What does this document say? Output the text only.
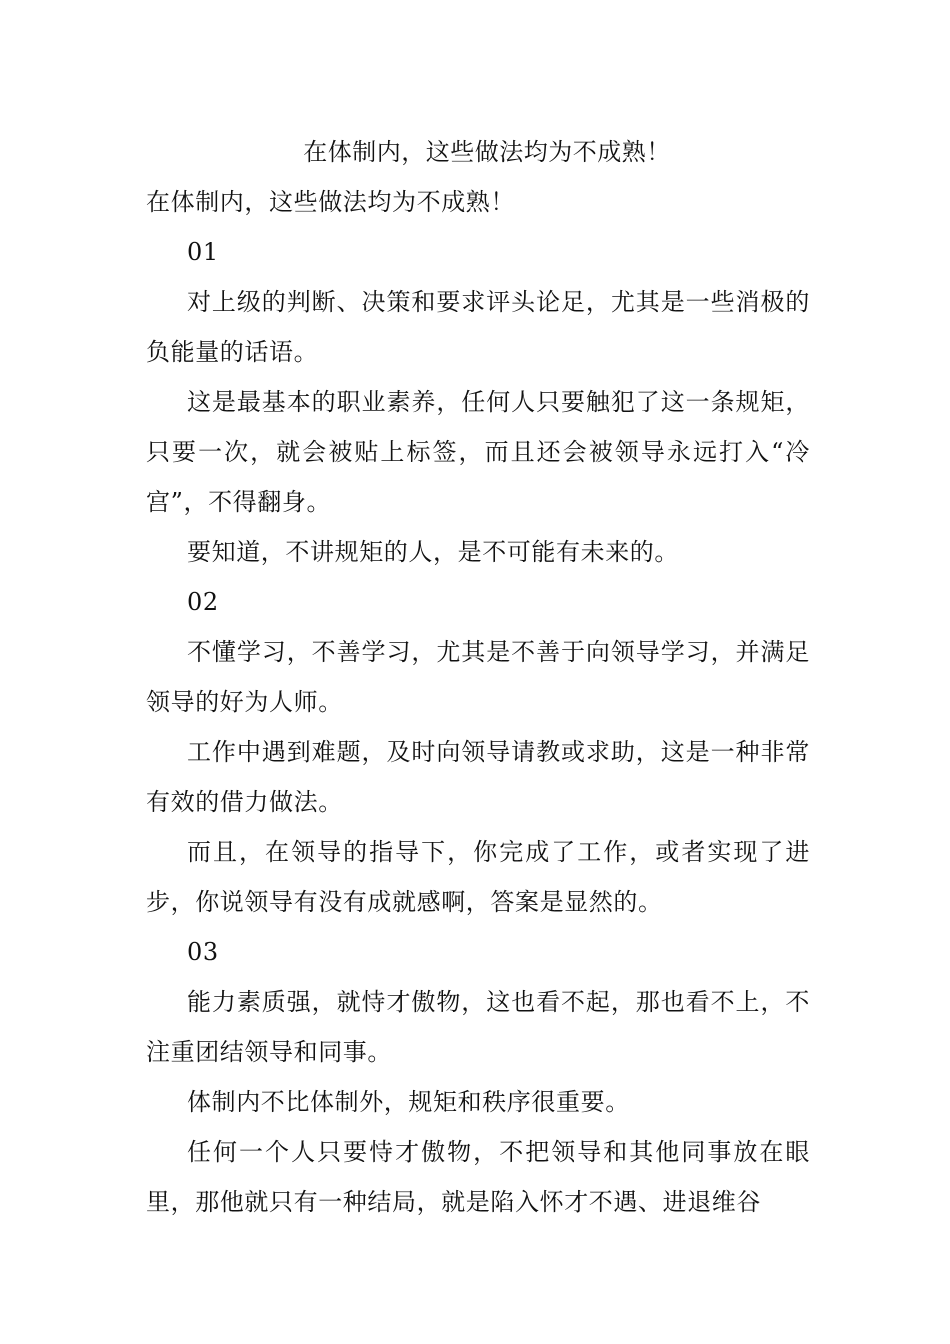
在体制内，这些做法均为不成熟！

在体制内，这些做法均为不成熟！

01

对上级的判断、决策和要求评头论足，尤其是一些消极的负能量的话语。

这是最基本的职业素养，任何人只要触犯了这一条规矩，只要一次，就会被贴上标签，而且还会被领导永远打入“冷宫”，不得翻身。

要知道，不讲规矩的人，是不可能有未来的。

02

不懂学习，不善学习，尤其是不善于向领导学习，并满足领导的好为人师。

工作中遇到难题，及时向领导请教或求助，这是一种非常有效的借力做法。

而且，在领导的指导下，你完成了工作，或者实现了进步，你说领导有没有成就感啊，答案是显然的。

03

能力素质强，就恃才傲物，这也看不起，那也看不上，不注重团结领导和同事。

体制内不比体制外，规矩和秩序很重要。

任何一个人只要恃才傲物，不把领导和其他同事放在眼里，那他就只有一种结局，就是陷入怀才不遇、进退维谷
